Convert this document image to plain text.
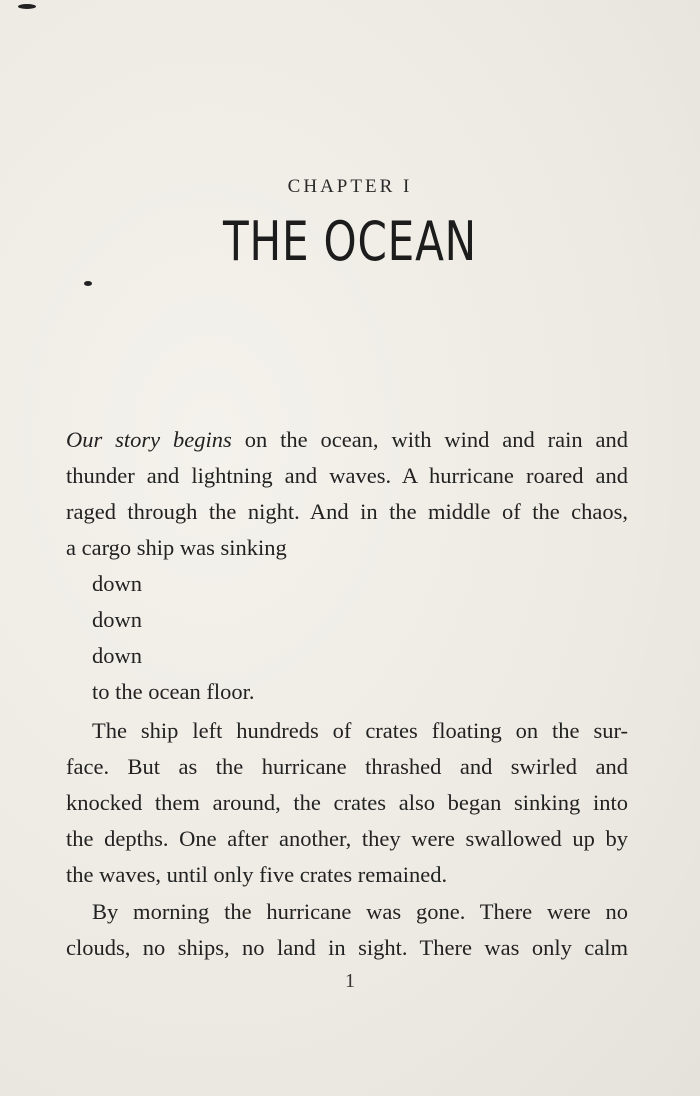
CHAPTER I
THE OCEAN

Our story begins on the ocean, with wind and rain and
thunder and lightning and waves. A hurricane roared and
raged through the night. And in the middle of the chaos,
a cargo ship was sinking

down
down
down
to the ocean floor.

The ship left hundreds of crates floating on the sur-
face. But as the hurricane thrashed and swirled and
knocked them around, the crates also began sinking into
the depths. One after another, they were swallowed up by
the waves, until only five crates remained.

By morning the hurricane was gone. There were no
clouds, no ships, no land in sight. There was only calm

1
